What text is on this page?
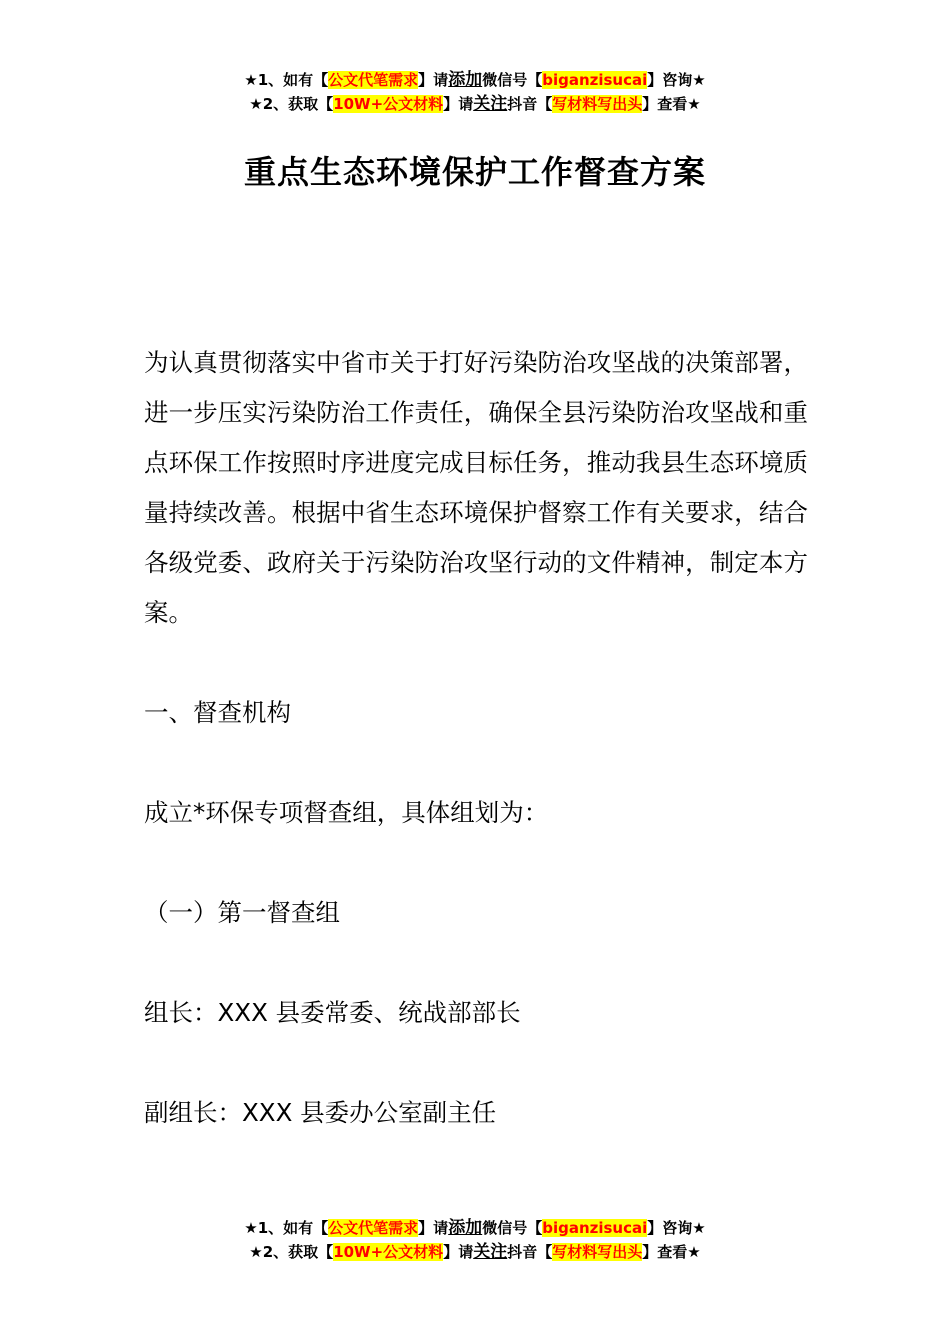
★1、如有【公文代笔需求】请添加微信号【biganzisucai】咨询★
★2、获取【10W+公文材料】请关注抖音【写材料写出头】查看★
重点生态环境保护工作督查方案

为认真贯彻落实中省市关于打好污染防治攻坚战的决策部署，进一步压实污染防治工作责任，确保全县污染防治攻坚战和重点环保工作按照时序进度完成目标任务，推动我县生态环境质量持续改善。根据中省生态环境保护督察工作有关要求，结合各级党委、政府关于污染防治攻坚行动的文件精神，制定本方案。

一、督查机构

成立*环保专项督查组，具体组划为：

（一）第一督查组

组长：XXX 县委常委、统战部部长

副组长：XXX 县委办公室副主任

★1、如有【公文代笔需求】请添加微信号【biganzisucai】咨询★
★2、获取【10W+公文材料】请关注抖音【写材料写出头】查看★
